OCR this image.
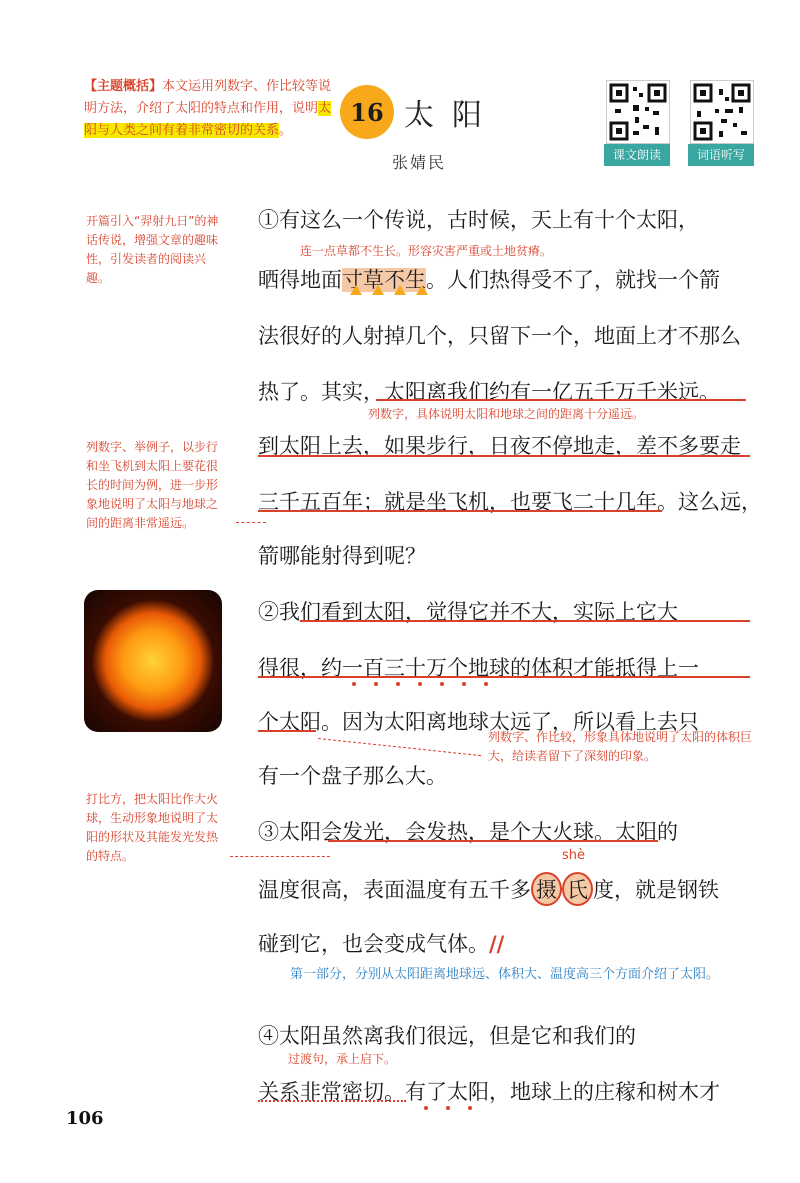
【主题概括】本文运用列数字、作比较等说明方法，介绍了太阳的特点和作用，说明太阳与人类之间有着非常密切的关系。
16 太阳
张婧民	课文朗读	词语听写
开篇引入“羿射九日”的神话传说，增强文章的趣味性，引发读者的阅读兴趣。
列数字、举例子，以步行和坐飞机到太阳上要花很长的时间为例，进一步形象地说明了太阳与地球之间的距离非常遥远。
打比方，把太阳比作大火球，生动形象地说明了太阳的形状及其能发光发热的特点。
①有这么一个传说，古时候，天上有十个太阳，
连一点草都不生长。形容灾害严重或土地贫瘠。
晒得地面寸草不生。人们热得受不了，就找一个箭
法很好的人射掉几个，只留下一个，地面上才不那么
热了。其实，太阳离我们约有一亿五千万千米远。
列数字，具体说明太阳和地球之间的距离十分遥远。
到太阳上去，如果步行，日夜不停地走，差不多要走
三千五百年；就是坐飞机，也要飞二十几年。这么远，
箭哪能射得到呢？
②我们看到太阳，觉得它并不大，实际上它大
得很，约一百三十万个地球的体积才能抵得上一
个太阳。因为太阳离地球太远了，所以看上去只
列数字、作比较，形象具体地说明了太阳的体积巨大，给读者留下了深刻的印象。
有一个盘子那么大。
③太阳会发光，会发热，是个大火球。太阳的
shè
温度很高，表面温度有五千多 摄 氏 度，就是钢铁
碰到它，也会变成气体。//
第一部分，分别从太阳距离地球远、体积大、温度高三个方面介绍了太阳。
④太阳虽然离我们很远，但是它和我们的
过渡句，承上启下。
关系非常密切。有了太阳，地球上的庄稼和树木才
106
